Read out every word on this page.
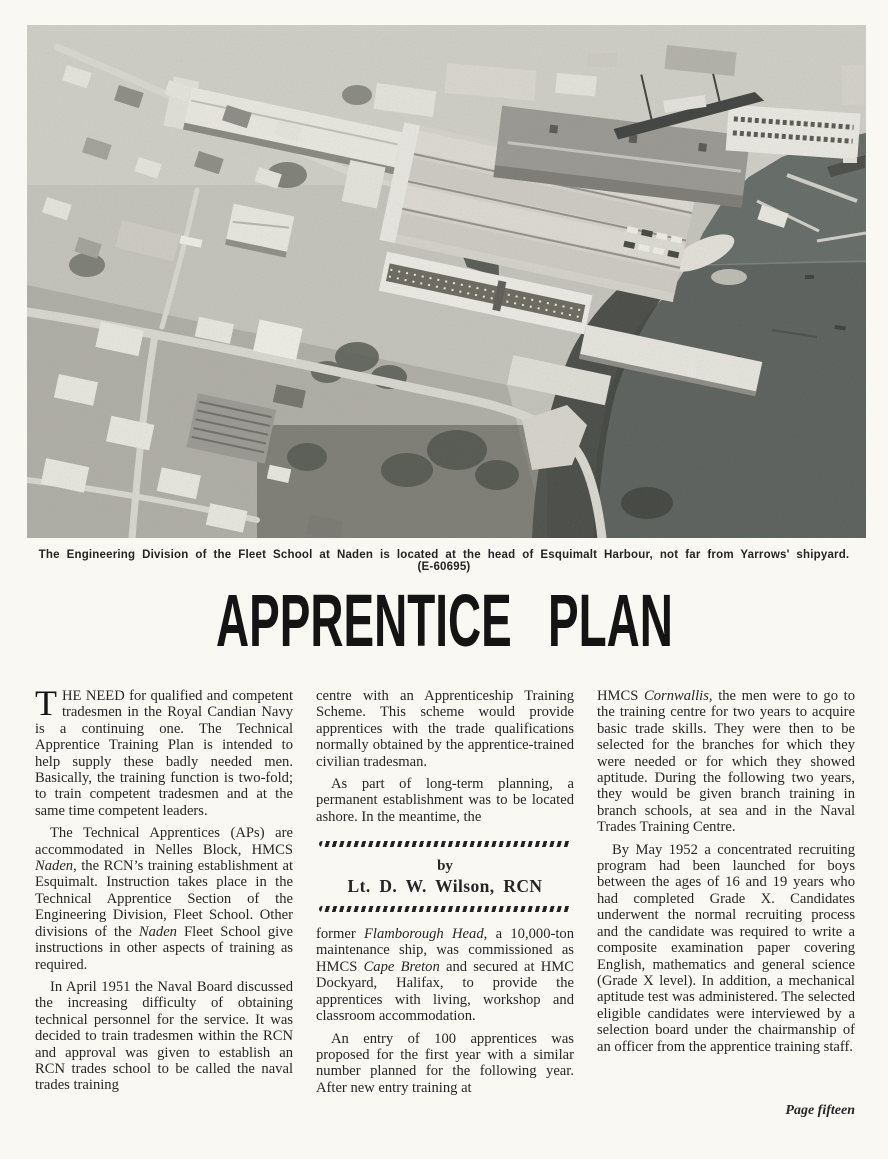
The Engineering Division of the Fleet School at Naden is located at the head of Esquimalt Harbour, not far from Yarrows' shipyard. (E-60695)
APPRENTICE PLAN

THE NEED for qualified and competent tradesmen in the Royal Candian Navy is a continuing one. The Technical Apprentice Training Plan is intended to help supply these badly needed men. Basically, the training function is two-fold; to train competent tradesmen and at the same time competent leaders.

The Technical Apprentices (APs) are accommodated in Nelles Block, HMCS Naden, the RCN’s training establishment at Esquimalt. Instruction takes place in the Technical Apprentice Section of the Engineering Division, Fleet School. Other divisions of the Naden Fleet School give instructions in other aspects of training as required.

In April 1951 the Naval Board discussed the increasing difficulty of obtaining technical personnel for the service. It was decided to train tradesmen within the RCN and approval was given to establish an RCN trades school to be called the naval trades training

centre with an Apprenticeship Training Scheme. This scheme would provide apprentices with the trade qualifications normally obtained by the apprentice-trained civilian tradesman.

As part of long-term planning, a permanent establishment was to be located ashore. In the meantime, the

by
Lt. D. W. Wilson, RCN

former Flamborough Head, a 10,000-ton maintenance ship, was commissioned as HMCS Cape Breton and secured at HMC Dockyard, Halifax, to provide the apprentices with living, workshop and classroom accommodation.

An entry of 100 apprentices was proposed for the first year with a similar number planned for the following year. After new entry training at

HMCS Cornwallis, the men were to go to the training centre for two years to acquire basic trade skills. They were then to be selected for the branches for which they were needed or for which they showed aptitude. During the following two years, they would be given branch training in branch schools, at sea and in the Naval Trades Training Centre.

By May 1952 a concentrated recruiting program had been launched for boys between the ages of 16 and 19 years who had completed Grade X. Candidates underwent the normal recruiting process and the candidate was required to write a composite examination paper covering English, mathematics and general science (Grade X level). In addition, a mechanical aptitude test was administered. The selected eligible candidates were interviewed by a selection board under the chairmanship of an officer from the apprentice training staff.

Page fifteen
